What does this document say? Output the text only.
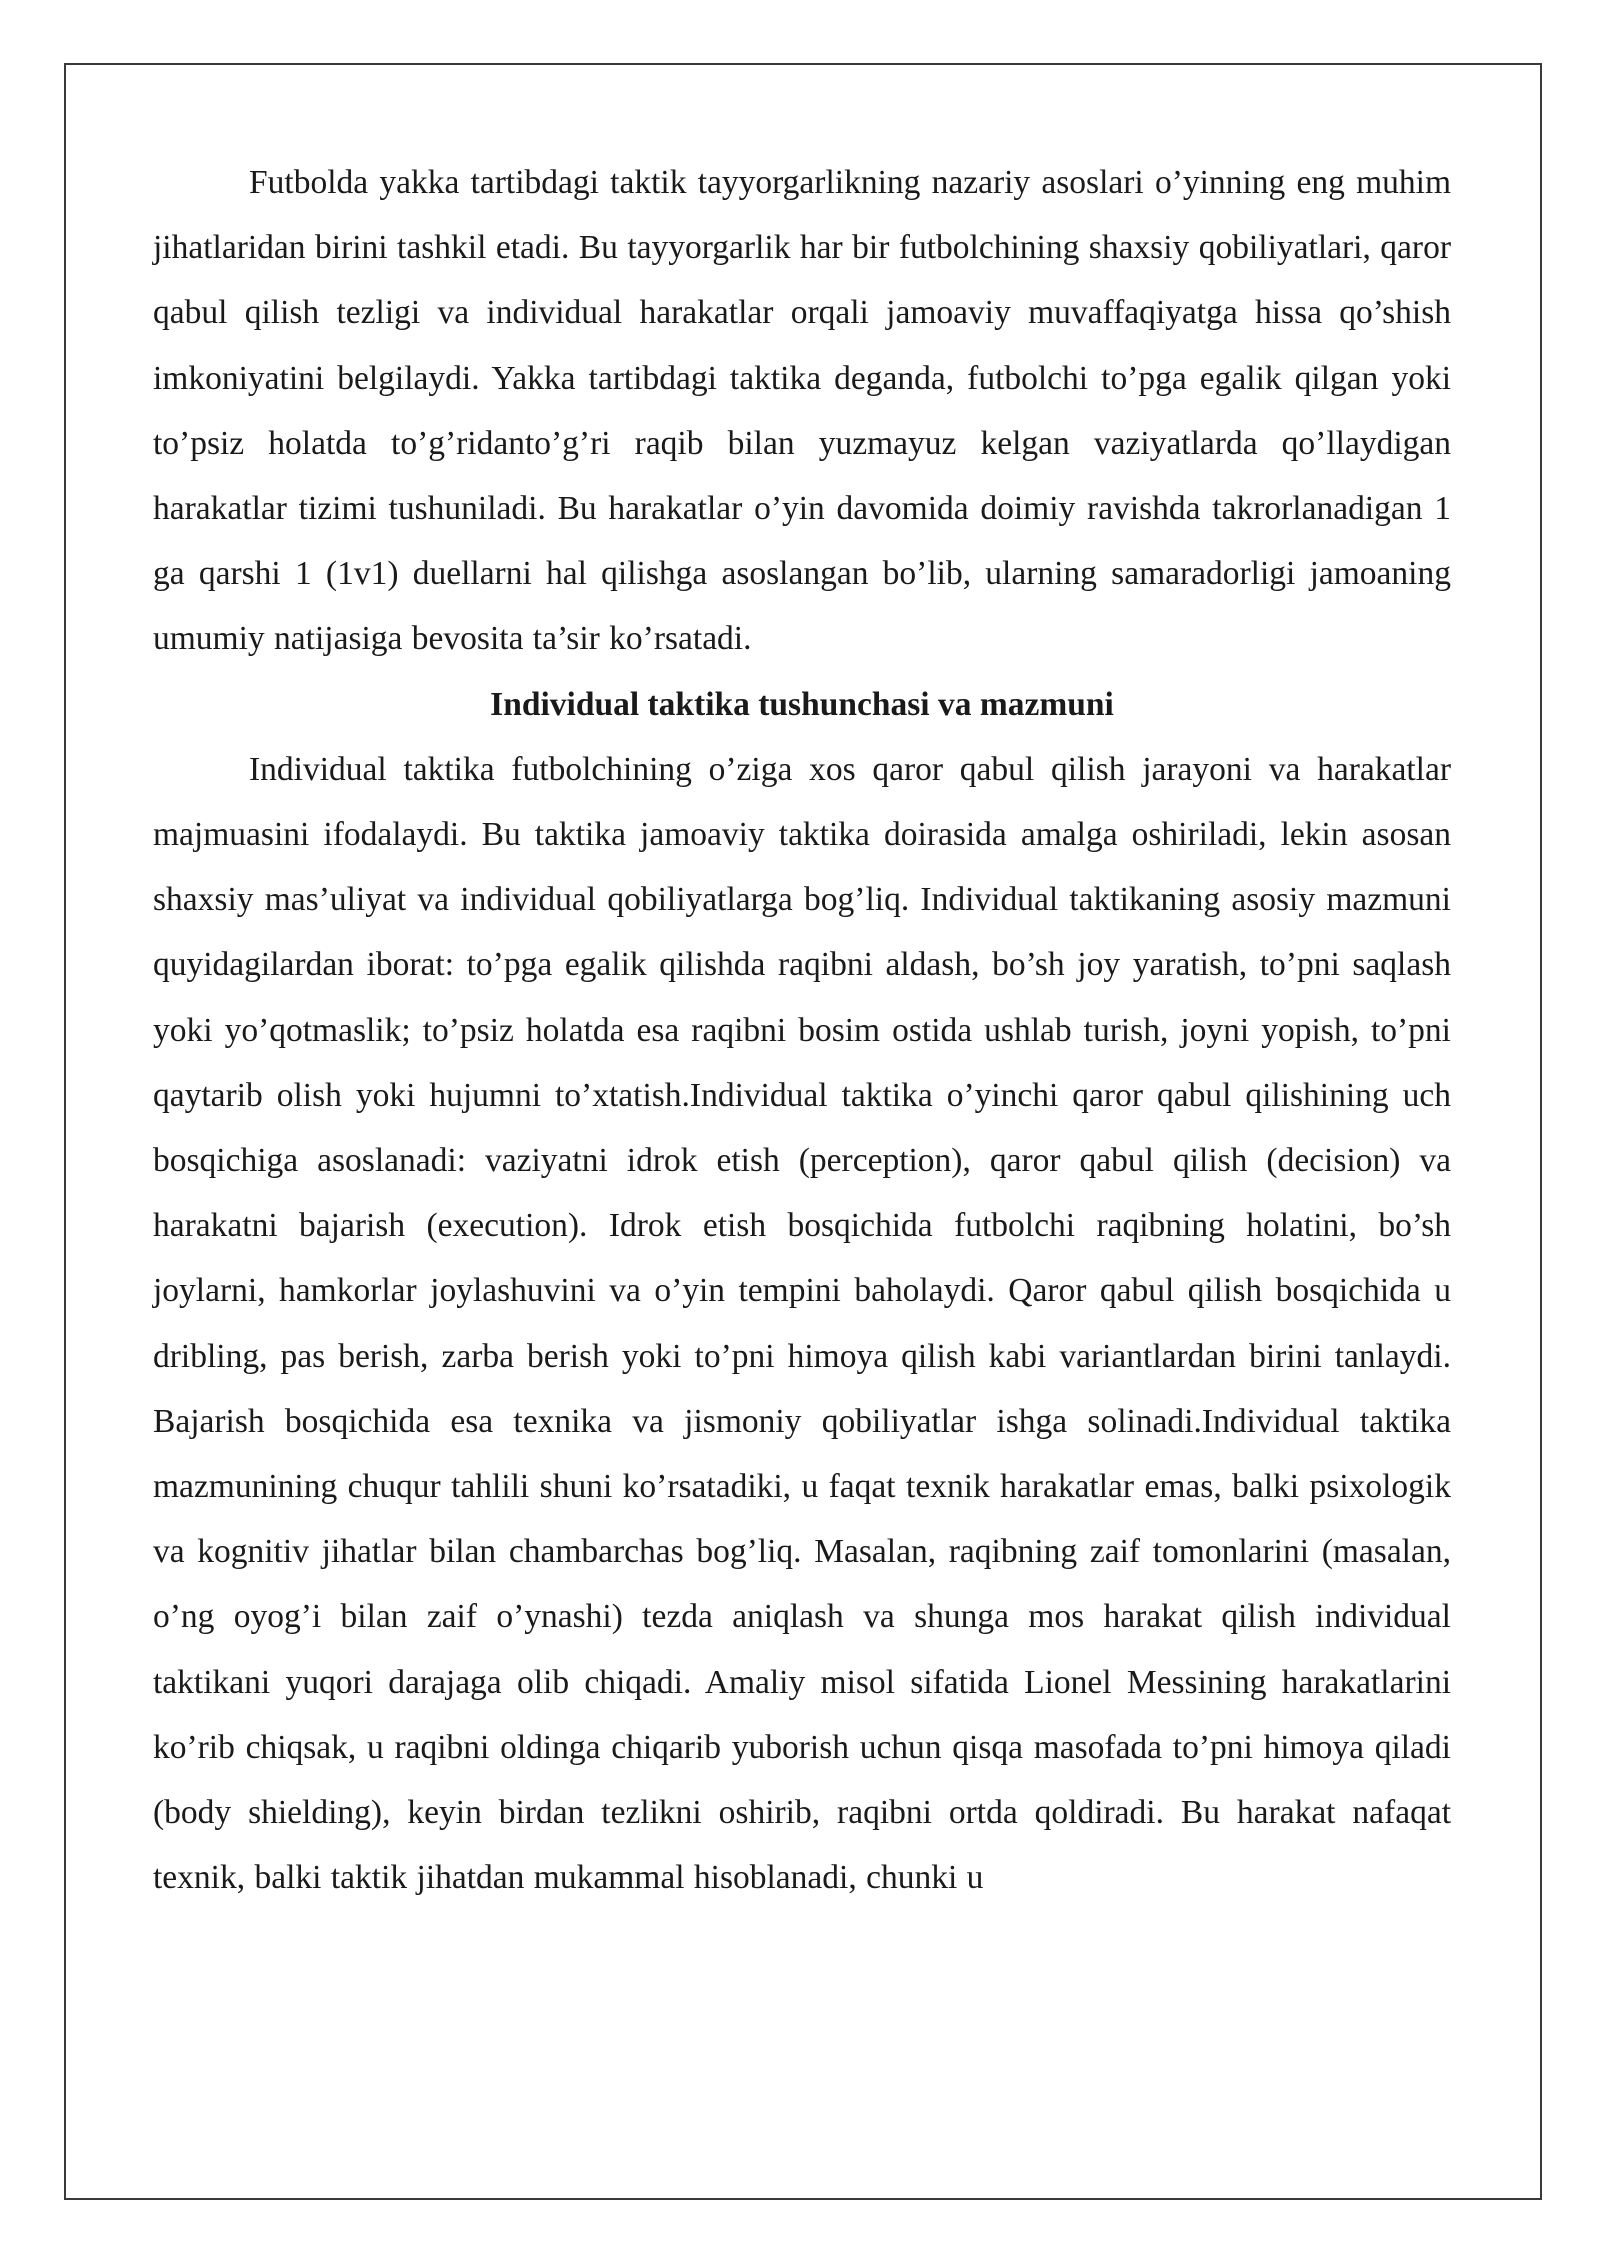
Futbolda yakka tartibdagi taktik tayyorgarlikning nazariy asoslari o’yinning eng muhim jihatlaridan birini tashkil etadi. Bu tayyorgarlik har bir futbolchining shaxsiy qobiliyatlari, qaror qabul qilish tezligi va individual harakatlar orqali jamoaviy muvaffaqiyatga hissa qo’shish imkoniyatini belgilaydi. Yakka tartibdagi taktika deganda, futbolchi to’pga egalik qilgan yoki to’psiz holatda to’g’ridanto’g’ri raqib bilan yuzmayuz kelgan vaziyatlarda qo’llaydigan harakatlar tizimi tushuniladi. Bu harakatlar o’yin davomida doimiy ravishda takrorlanadigan 1 ga qarshi 1 (1v1) duellarni hal qilishga asoslangan bo’lib, ularning samaradorligi jamoaning umumiy natijasiga bevosita ta’sir ko’rsatadi.

Individual taktika tushunchasi va mazmuni

Individual taktika futbolchining o’ziga xos qaror qabul qilish jarayoni va harakatlar majmuasini ifodalaydi. Bu taktika jamoaviy taktika doirasida amalga oshiriladi, lekin asosan shaxsiy mas’uliyat va individual qobiliyatlarga bog’liq. Individual taktikaning asosiy mazmuni quyidagilardan iborat: to’pga egalik qilishda raqibni aldash, bo’sh joy yaratish, to’pni saqlash yoki yo’qotmaslik; to’psiz holatda esa raqibni bosim ostida ushlab turish, joyni yopish, to’pni qaytarib olish yoki hujumni to’xtatish.Individual taktika o’yinchi qaror qabul qilishining uch bosqichiga asoslanadi: vaziyatni idrok etish (perception), qaror qabul qilish (decision) va harakatni bajarish (execution). Idrok etish bosqichida futbolchi raqibning holatini, bo’sh joylarni, hamkorlar joylashuvini va o’yin tempini baholaydi. Qaror qabul qilish bosqichida u dribling, pas berish, zarba berish yoki to’pni himoya qilish kabi variantlardan birini tanlaydi. Bajarish bosqichida esa texnika va jismoniy qobiliyatlar ishga solinadi.Individual taktika mazmunining chuqur tahlili shuni ko’rsatadiki, u faqat texnik harakatlar emas, balki psixologik va kognitiv jihatlar bilan chambarchas bog’liq. Masalan, raqibning zaif tomonlarini (masalan, o’ng oyog’i bilan zaif o’ynashi) tezda aniqlash va shunga mos harakat qilish individual taktikani yuqori darajaga olib chiqadi. Amaliy misol sifatida Lionel Messining harakatlarini ko’rib chiqsak, u raqibni oldinga chiqarib yuborish uchun qisqa masofada to’pni himoya qiladi (body shielding), keyin birdan tezlikni oshirib, raqibni ortda qoldiradi. Bu harakat nafaqat texnik, balki taktik jihatdan mukammal hisoblanadi, chunki u
